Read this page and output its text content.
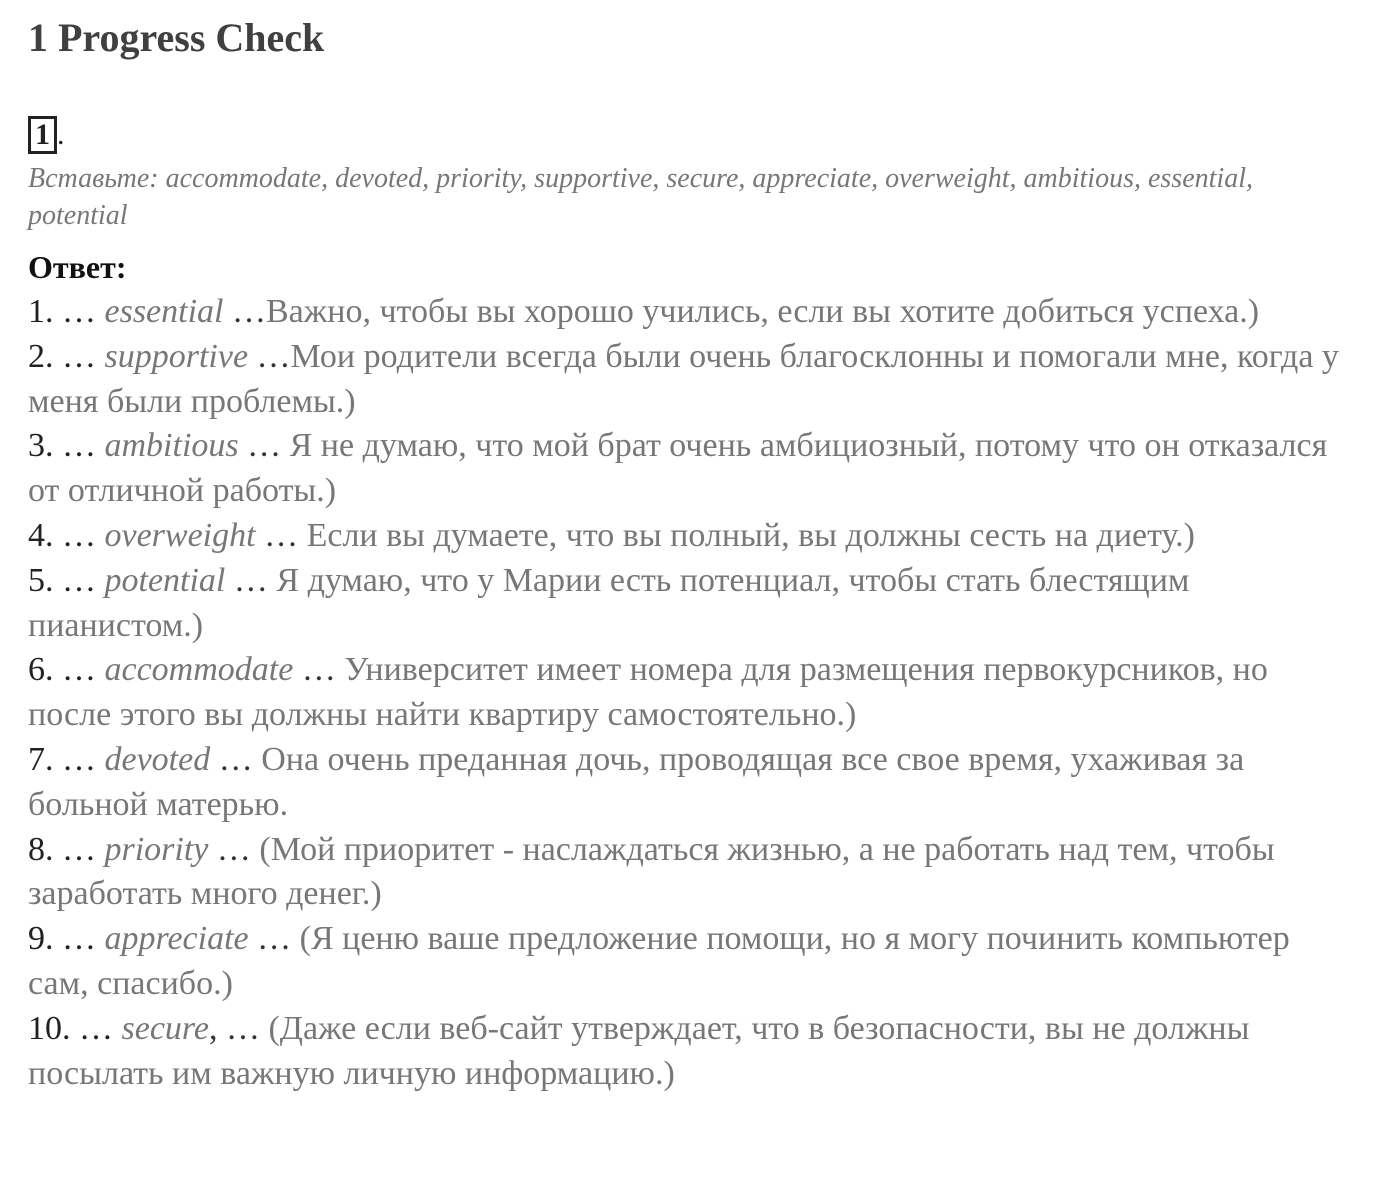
1 Progress Check
1 .
Вставьте: accommodate, devoted, priority, supportive, secure, appreciate, overweight, ambitious, essential, potential
Ответ:
1. … essential …Важно, чтобы вы хорошо учились, если вы хотите добиться успеха.)
2. … supportive …Мои родители всегда были очень благосклонны и помогали мне, когда у меня были проблемы.)
3. … ambitious … Я не думаю, что мой брат очень амбициозный, потому что он отказался от отличной работы.)
4. … overweight … Если вы думаете, что вы полный, вы должны сесть на диету.)
5. … potential … Я думаю, что у Марии есть потенциал, чтобы стать блестящим пианистом.)
6. … accommodate … Университет имеет номера для размещения первокурсников, но после этого вы должны найти квартиру самостоятельно.)
7. … devoted … Она очень преданная дочь, проводящая все свое время, ухаживая за больной матерью.
8. … priority … (Мой приоритет - наслаждаться жизнью, а не работать над тем, чтобы заработать много денег.)
9. … appreciate … (Я ценю ваше предложение помощи, но я могу починить компьютер сам, спасибо.)
10. … secure, … (Даже если веб-сайт утверждает, что в безопасности, вы не должны посылать им важную личную информацию.)
